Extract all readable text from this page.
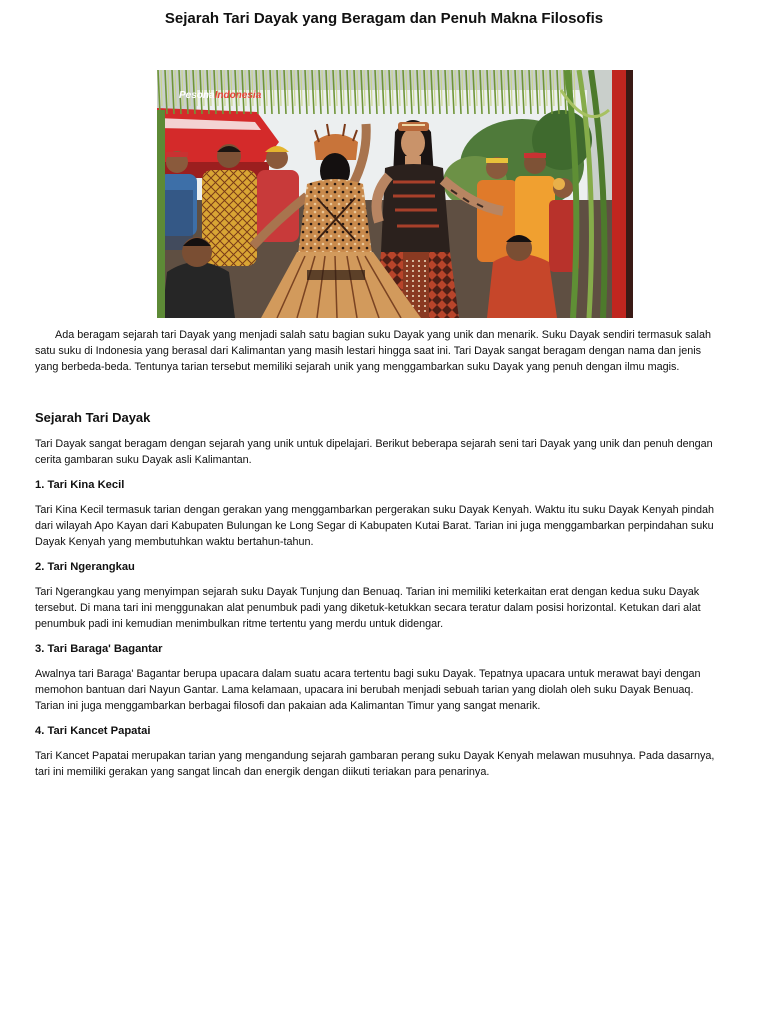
Sejarah Tari Dayak yang Beragam dan Penuh Makna Filosofis
PesonaIndonesia

Ada beragam sejarah tari Dayak yang menjadi salah satu bagian suku Dayak yang unik dan menarik. Suku Dayak sendiri termasuk salah satu suku di Indonesia yang berasal dari Kalimantan yang masih lestari hingga saat ini. Tari Dayak sangat beragam dengan nama dan jenis yang berbeda-beda. Tentunya tarian tersebut memiliki sejarah unik yang menggambarkan suku Dayak yang penuh dengan ilmu magis.

Sejarah Tari Dayak

Tari Dayak sangat beragam dengan sejarah yang unik untuk dipelajari. Berikut beberapa sejarah seni tari Dayak yang unik dan penuh dengan cerita gambaran suku Dayak asli Kalimantan.

1. Tari Kina Kecil

Tari Kina Kecil termasuk tarian dengan gerakan yang menggambarkan pergerakan suku Dayak Kenyah. Waktu itu suku Dayak Kenyah pindah dari wilayah Apo Kayan dari Kabupaten Bulungan ke Long Segar di Kabupaten Kutai Barat. Tarian ini juga menggambarkan perpindahan suku Dayak Kenyah yang membutuhkan waktu bertahun-tahun.

2. Tari Ngerangkau

Tari Ngerangkau yang menyimpan sejarah suku Dayak Tunjung dan Benuaq. Tarian ini memiliki keterkaitan erat dengan kedua suku Dayak tersebut. Di mana tari ini menggunakan alat penumbuk padi yang diketuk-ketukkan secara teratur dalam posisi horizontal. Ketukan dari alat penumbuk padi ini kemudian menimbulkan ritme tertentu yang merdu untuk didengar.

3. Tari Baraga' Bagantar

Awalnya tari Baraga' Bagantar berupa upacara dalam suatu acara tertentu bagi suku Dayak. Tepatnya upacara untuk merawat bayi dengan memohon bantuan dari Nayun Gantar. Lama kelamaan, upacara ini berubah menjadi sebuah tarian yang diolah oleh suku Dayak Benuaq. Tarian ini juga menggambarkan berbagai filosofi dan pakaian ada Kalimantan Timur yang sangat menarik.

4. Tari Kancet Papatai

Tari Kancet Papatai merupakan tarian yang mengandung sejarah gambaran perang suku Dayak Kenyah melawan musuhnya. Pada dasarnya, tari ini memiliki gerakan yang sangat lincah dan energik dengan diikuti teriakan para penarinya.
